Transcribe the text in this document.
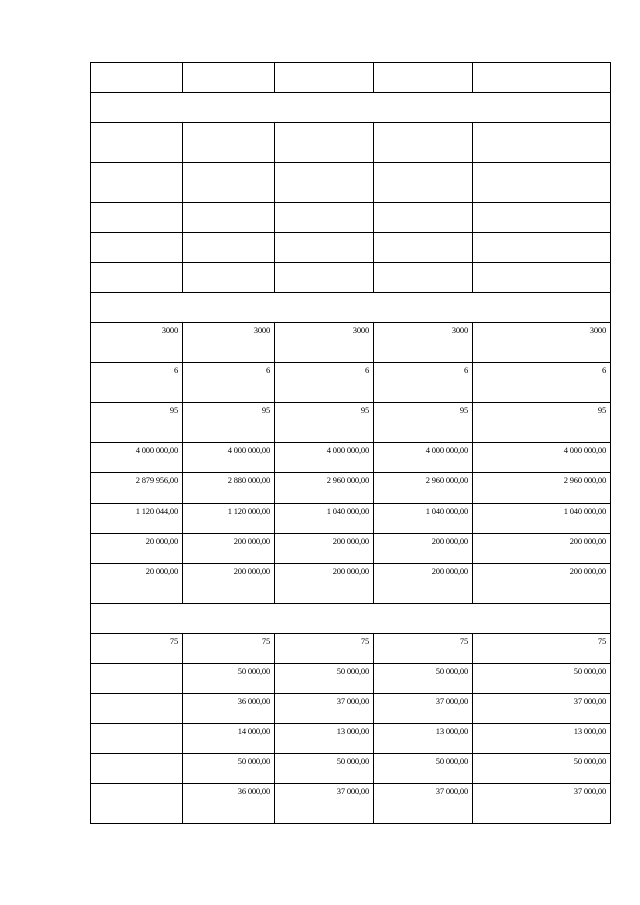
3000	3000	3000	3000	3000
6	6	6	6	6
95	95	95	95	95
4 000 000,00	4 000 000,00	4 000 000,00	4 000 000,00	4 000 000,00
2 879 956,00	2 880 000,00	2 960 000,00	2 960 000,00	2 960 000,00
1 120 044,00	1 120 000,00	1 040 000,00	1 040 000,00	1 040 000,00
20 000,00	200 000,00	200 000,00	200 000,00	200 000,00
20 000,00	200 000,00	200 000,00	200 000,00	200 000,00

75	75	75	75	75
	50 000,00	50 000,00	50 000,00	50 000,00
	36 000,00	37 000,00	37 000,00	37 000,00
	14 000,00	13 000,00	13 000,00	13 000,00
	50 000,00	50 000,00	50 000,00	50 000,00
	36 000,00	37 000,00	37 000,00	37 000,00
